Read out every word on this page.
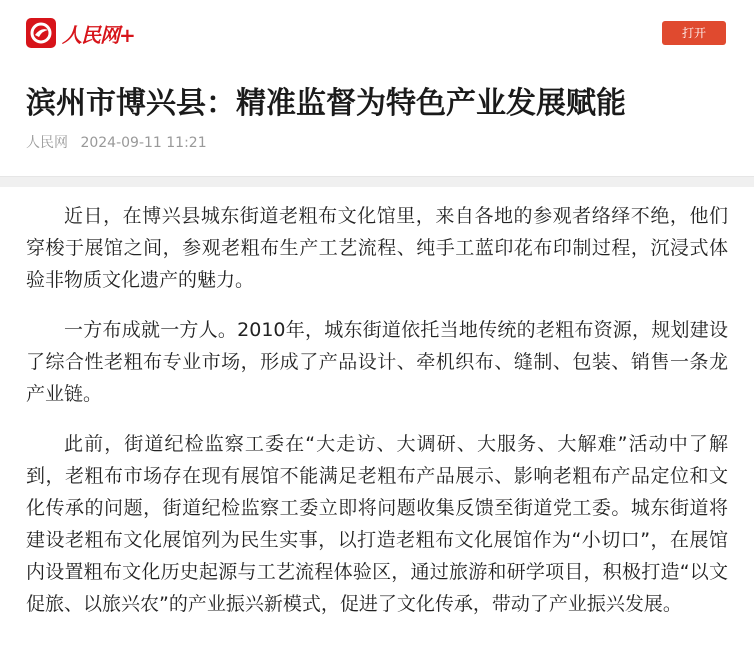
人民网+	打开
滨州市博兴县：精准监督为特色产业发展赋能
人民网 2024-09-11 11:21

近日，在博兴县城东街道老粗布文化馆里，来自各地的参观者络绎不绝，他们穿梭于展馆之间，参观老粗布生产工艺流程、纯手工蓝印花布印制过程，沉浸式体验非物质文化遗产的魅力。

一方布成就一方人。2010年，城东街道依托当地传统的老粗布资源，规划建设了综合性老粗布专业市场，形成了产品设计、牵机织布、缝制、包装、销售一条龙产业链。

此前，街道纪检监察工委在“大走访、大调研、大服务、大解难”活动中了解到，老粗布市场存在现有展馆不能满足老粗布产品展示、影响老粗布产品定位和文化传承的问题，街道纪检监察工委立即将问题收集反馈至街道党工委。城东街道将建设老粗布文化展馆列为民生实事，以打造老粗布文化展馆作为“小切口”，在展馆内设置粗布文化历史起源与工艺流程体验区，通过旅游和研学项目，积极打造“以文促旅、以旅兴农”的产业振兴新模式，促进了文化传承，带动了产业振兴发展。
